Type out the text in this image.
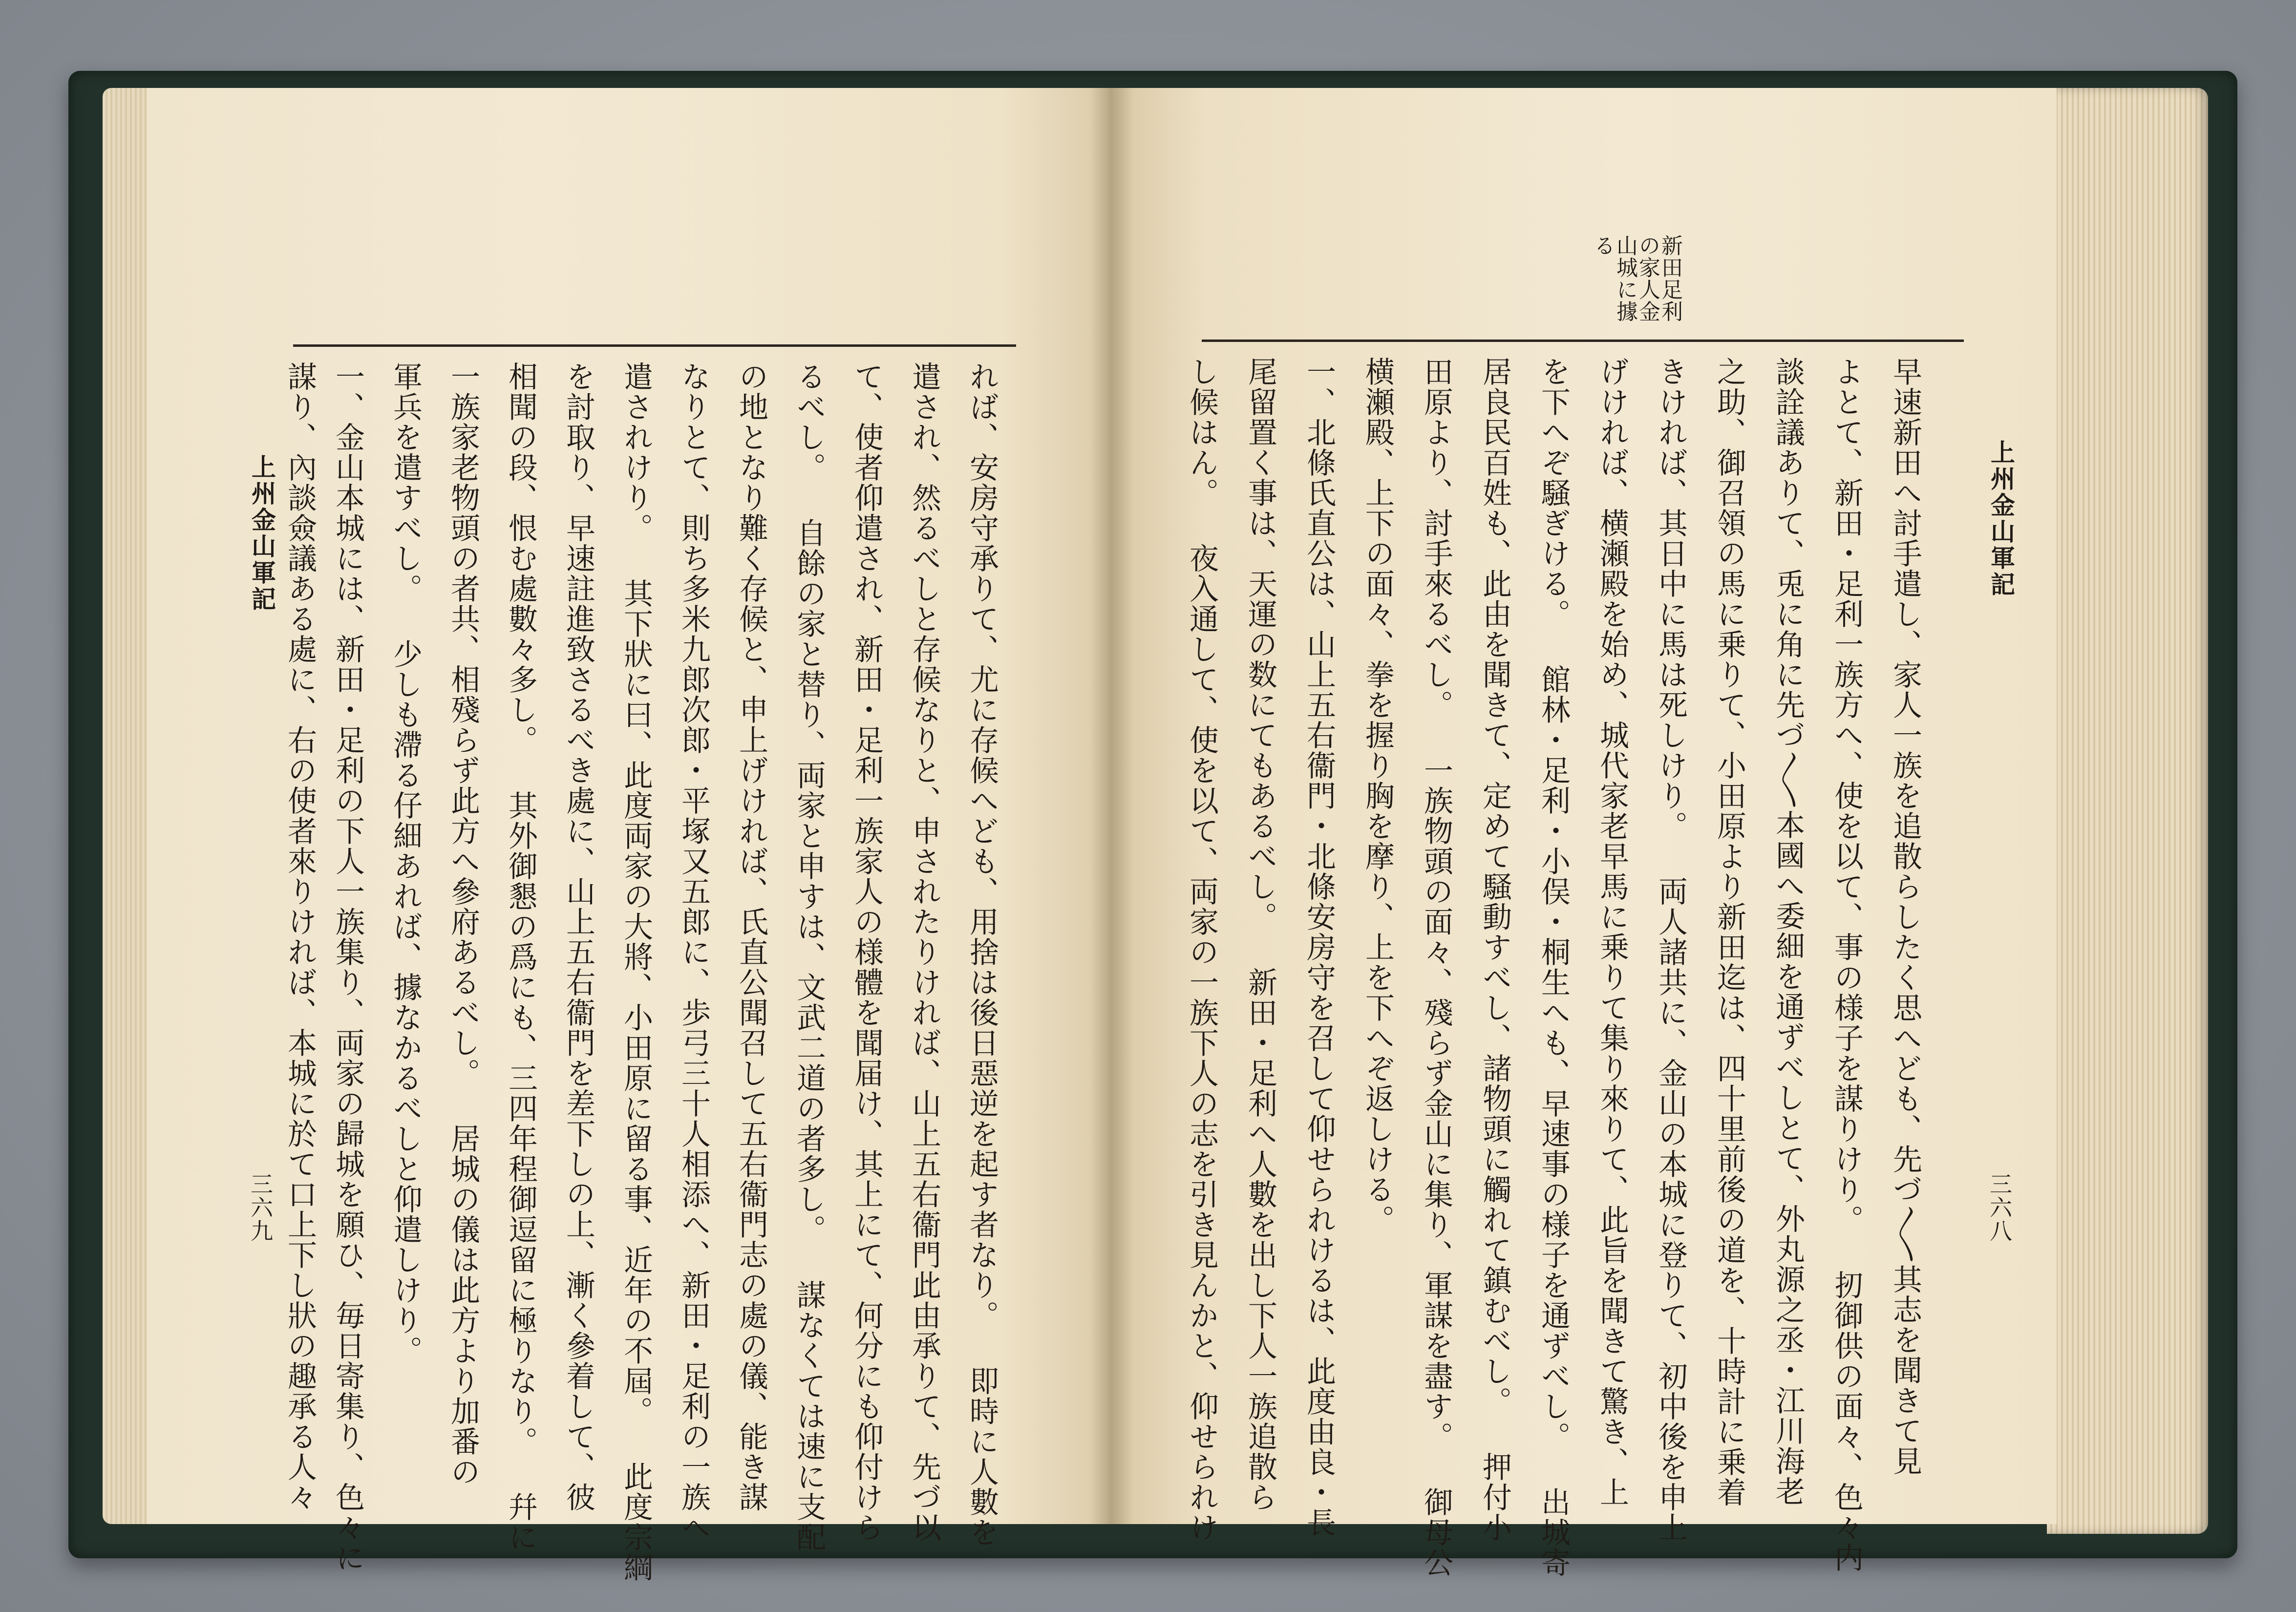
上州金山軍記
三六八
新田足利
の家人金
山城に據
る
早速新田へ討手遣し、家人一族を追散らしたく思へども、先づ〳〵其志を聞きて見
よとて、新田・足利一族方へ、使を以て、事の様子を謀りけり。 扨御供の面々、色々内
談詮議ありて、兎に角に先づ〳〵本國へ委細を通ずべしとて、外丸源之丞・江川海老
之助、御召領の馬に乗りて、小田原より新田迄は、四十里前後の道を、十時計に乗着
きければ、其日中に馬は死しけり。 両人諸共に、金山の本城に登りて、初中後を申上
げければ、横瀬殿を始め、城代家老早馬に乗りて集り來りて、此旨を聞きて驚き、上
を下へぞ騒ぎける。 館林・足利・小俣・桐生へも、早速事の様子を通ずべし。 出城寄
居良民百姓も、此由を聞きて、定めて騒動すべし、諸物頭に觸れて鎮むべし。 押付小
田原より、討手來るべし。 一族物頭の面々、殘らず金山に集り、軍謀を盡す。 御母公
横瀬殿、上下の面々、拳を握り胸を摩り、上を下へぞ返しける。
一、北條氏直公は、山上五右衞門・北條安房守を召して仰せられけるは、此度由良・長
尾留置く事は、天運の数にてもあるべし。 新田・足利へ人數を出し下人一族追散ら
し候はん。 夜入通して、使を以て、両家の一族下人の志を引き見んかと、仰せられけ
上州金山軍記
三六九	れば、安房守承りて、尤に存候へども、用捨は後日惡逆を起す者なり。 即時に人數を
遣され、然るべしと存候なりと、申されたりければ、山上五右衞門此由承りて、先づ以
て、使者仰遣され、新田・足利一族家人の様體を聞届け、其上にて、何分にも仰付けら
るべし。 自餘の家と替り、両家と申すは、文武二道の者多し。 謀なくては速に支配
の地となり難く存候と、申上げければ、氏直公聞召して五右衞門志の處の儀、能き謀
なりとて、則ち多米九郎次郎・平塚又五郎に、歩弓三十人相添へ、新田・足利の一族へ
遣されけり。 其下狀に曰、此度両家の大將、小田原に留る事、近年の不屆。 此度宗綱
を討取り、早速註進致さるべき處に、山上五右衞門を差下しの上、漸く參着して、彼
相聞の段、恨む處數々多し。 其外御懇の爲にも、三四年程御逗留に極りなり。 幷に
一族家老物頭の者共、相殘らず此方へ參府あるべし。 居城の儀は此方より加番の
軍兵を遣すべし。 少しも滯る仔細あれば、據なかるべしと仰遣しけり。
一、金山本城には、新田・足利の下人一族集り、両家の歸城を願ひ、毎日寄集り、色々に
謀り、內談僉議ある處に、右の使者來りければ、本城に於て口上下し狀の趣承る人々
